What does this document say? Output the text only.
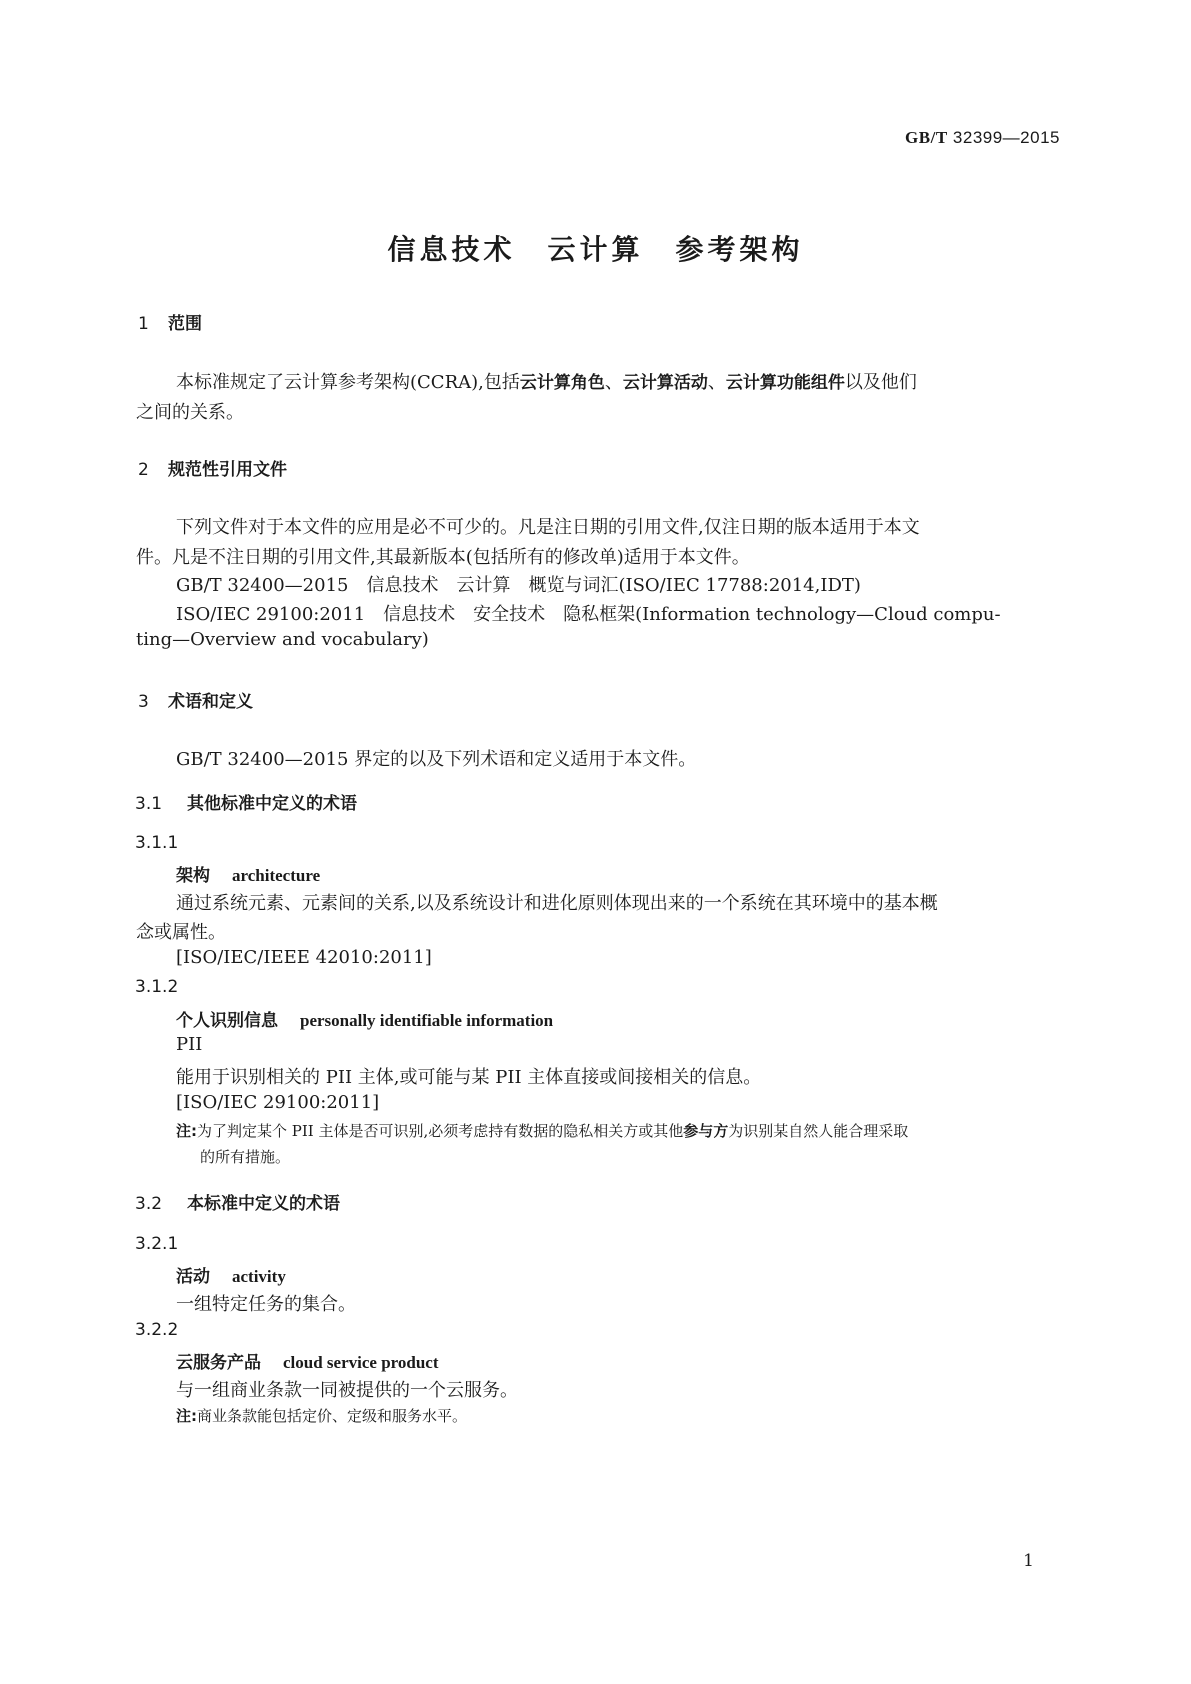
GB/T 32399—2015
信息技术　云计算　参考架构
1 范围
本标准规定了云计算参考架构(CCRA),包括云计算角色、云计算活动、云计算功能组件以及他们
之间的关系。
2 规范性引用文件
下列文件对于本文件的应用是必不可少的。凡是注日期的引用文件,仅注日期的版本适用于本文
件。凡是不注日期的引用文件,其最新版本(包括所有的修改单)适用于本文件。
GB/T 32400—2015　信息技术　云计算　概览与词汇(ISO/IEC 17788:2014,IDT)
ISO/IEC 29100:2011　信息技术　安全技术　隐私框架(Information technology—Cloud compu-
ting—Overview and vocabulary)
3 术语和定义
GB/T 32400—2015 界定的以及下列术语和定义适用于本文件。
3.1 其他标准中定义的术语
3.1.1
架构 architecture
通过系统元素、元素间的关系,以及系统设计和进化原则体现出来的一个系统在其环境中的基本概
念或属性。
[ISO/IEC/IEEE 42010:2011]
3.1.2
个人识别信息 personally identifiable information
PII
能用于识别相关的 PII 主体,或可能与某 PII 主体直接或间接相关的信息。
[ISO/IEC 29100:2011]
注:为了判定某个 PII 主体是否可识别,必须考虑持有数据的隐私相关方或其他参与方为识别某自然人能合理采取
的所有措施。
3.2 本标准中定义的术语
3.2.1
活动 activity
一组特定任务的集合。
3.2.2
云服务产品 cloud service product
与一组商业条款一同被提供的一个云服务。
注:商业条款能包括定价、定级和服务水平。
1
